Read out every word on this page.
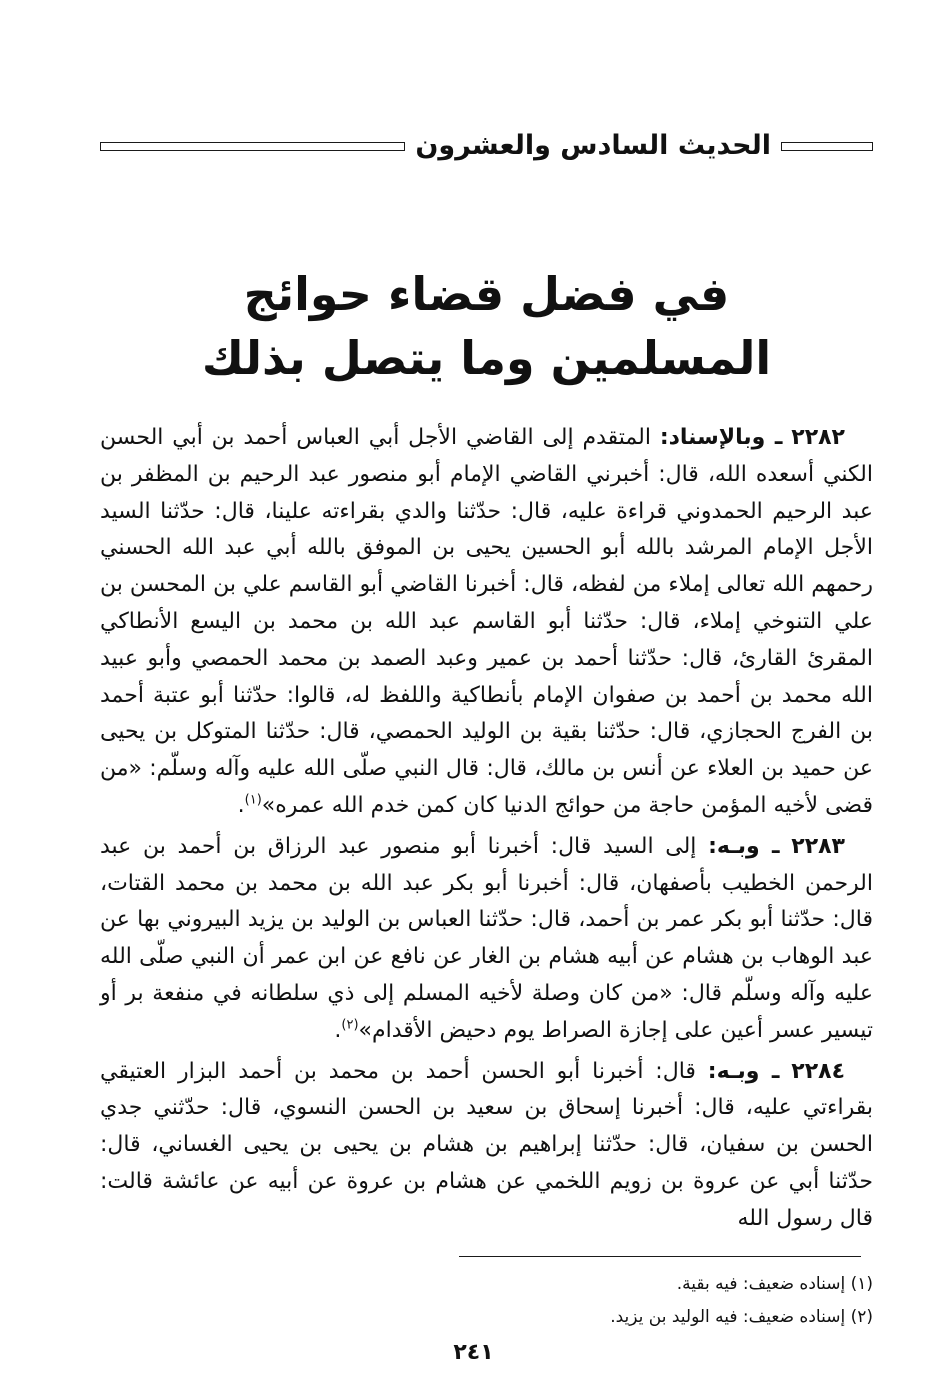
الحديث السادس والعشرون
في فضل قضاء حوائج
المسلمين وما يتصل بذلك

٢٢٨٢ ـ وبالإسناد: المتقدم إلى القاضي الأجل أبي العباس أحمد بن أبي الحسن الكني أسعده الله، قال: أخبرني القاضي الإمام أبو منصور عبد الرحيم بن المظفر بن عبد الرحيم الحمدوني قراءة عليه، قال: حدّثنا والدي بقراءته علينا، قال: حدّثنا السيد الأجل الإمام المرشد بالله أبو الحسين يحيى بن الموفق بالله أبي عبد الله الحسني رحمهم الله تعالى إملاء من لفظه، قال: أخبرنا القاضي أبو القاسم علي بن المحسن بن علي التنوخي إملاء، قال: حدّثنا أبو القاسم عبد الله بن محمد بن اليسع الأنطاكي المقرئ القارئ، قال: حدّثنا أحمد بن عمير وعبد الصمد بن محمد الحمصي وأبو عبيد الله محمد بن أحمد بن صفوان الإمام بأنطاكية واللفظ له، قالوا: حدّثنا أبو عتبة أحمد بن الفرج الحجازي، قال: حدّثنا بقية بن الوليد الحمصي، قال: حدّثنا المتوكل بن يحيى عن حميد بن العلاء عن أنس بن مالك، قال: قال النبي صلّى الله عليه وآله وسلّم: «من قضى لأخيه المؤمن حاجة من حوائج الدنيا كان كمن خدم الله عمره»$^{(١)}$.

٢٢٨٣ ـ وبـه: إلى السيد قال: أخبرنا أبو منصور عبد الرزاق بن أحمد بن عبد الرحمن الخطيب بأصفهان، قال: أخبرنا أبو بكر عبد الله بن محمد بن محمد القتات، قال: حدّثنا أبو بكر عمر بن أحمد، قال: حدّثنا العباس بن الوليد بن يزيد البيروني بها عن عبد الوهاب بن هشام عن أبيه هشام بن الغار عن نافع عن ابن عمر أن النبي صلّى الله عليه وآله وسلّم قال: «من كان وصلة لأخيه المسلم إلى ذي سلطانه في منفعة بر أو تيسير عسر أعين على إجازة الصراط يوم دحيض الأقدام»$^{(٢)}$.

٢٢٨٤ ـ وبـه: قال: أخبرنا أبو الحسن أحمد بن محمد بن أحمد البزار العتيقي بقراءتي عليه، قال: أخبرنا إسحاق بن سعيد بن الحسن النسوي، قال: حدّثني جدي الحسن بن سفيان، قال: حدّثنا إبراهيم بن هشام بن يحيى بن يحيى الغساني، قال: حدّثنا أبي عن عروة بن زويم اللخمي عن هشام بن عروة عن أبيه عن عائشة قالت: قال رسول الله

(١) إسناده ضعيف: فيه بقية.
(٢) إسناده ضعيف: فيه الوليد بن يزيد.
٢٤١
